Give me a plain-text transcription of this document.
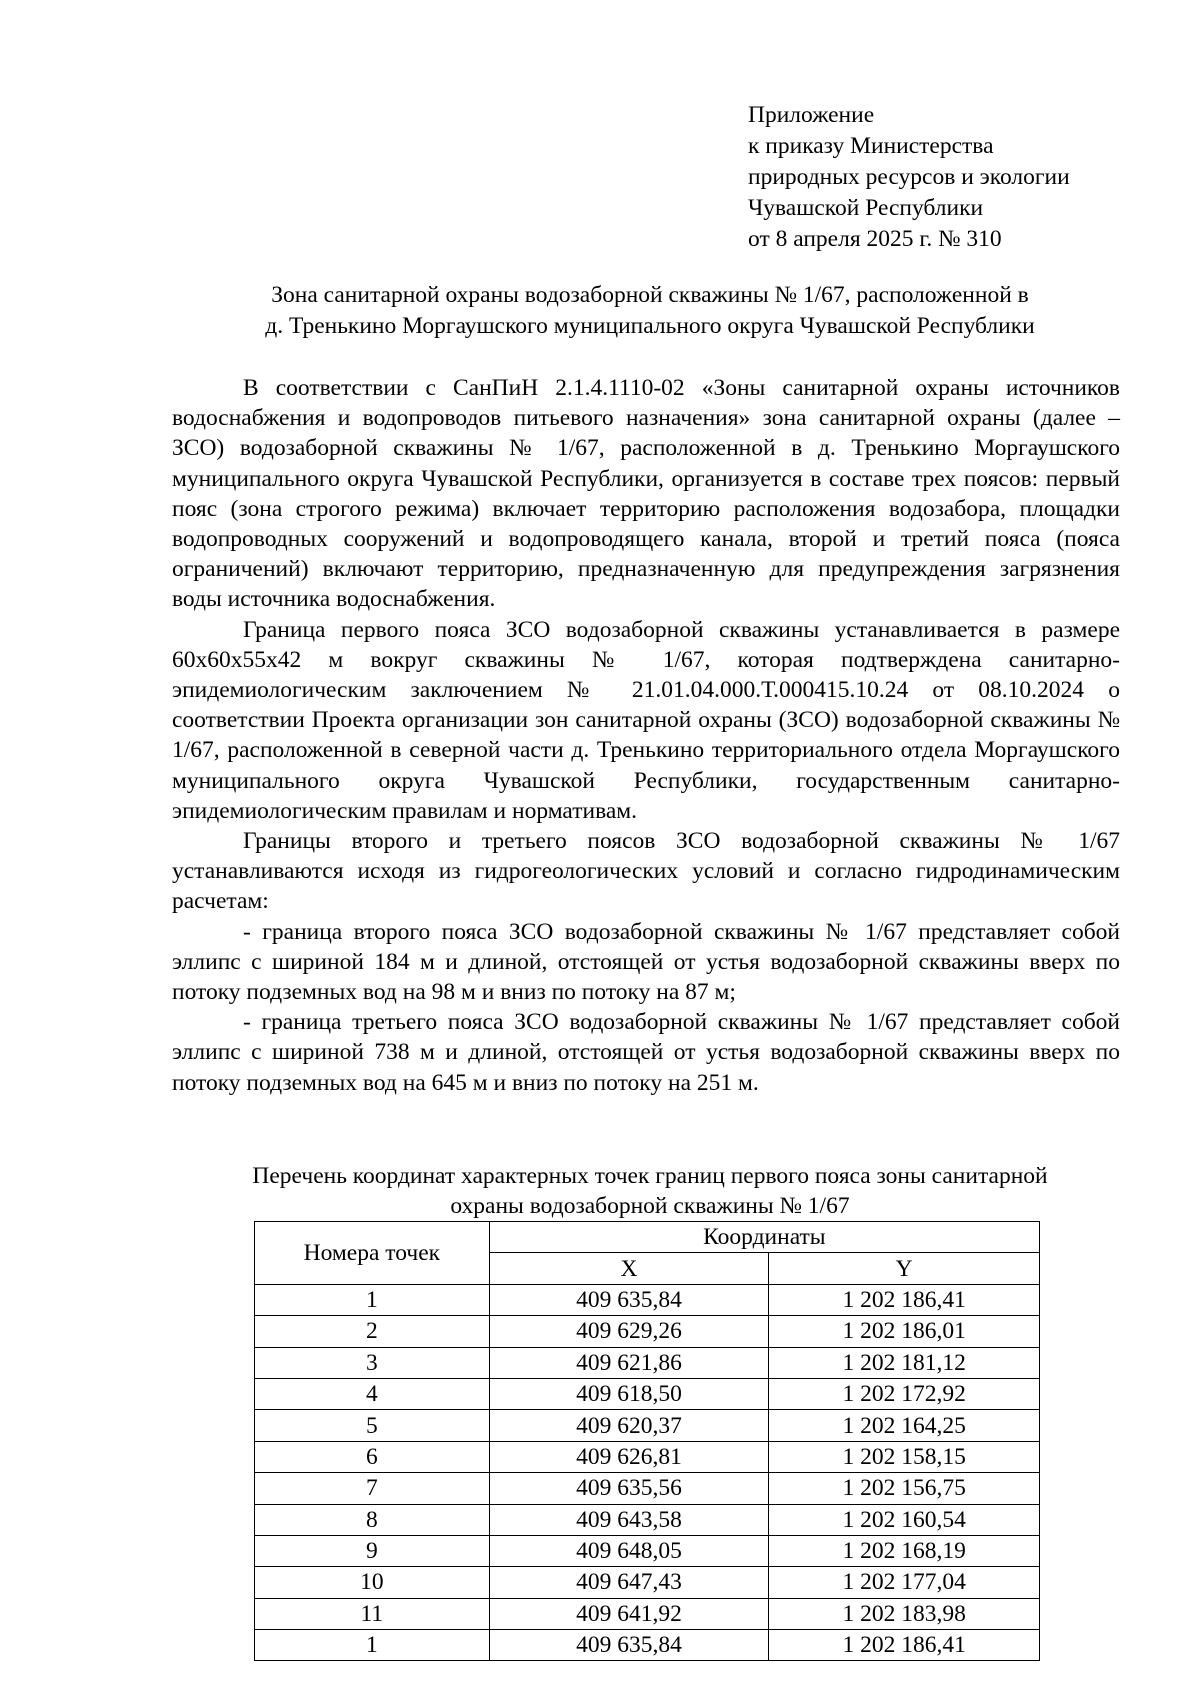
Приложение
к приказу Министерства
природных ресурсов и экологии
Чувашской Республики
от 8 апреля 2025 г. № 310
Зона санитарной охраны водозаборной скважины № 1/67, расположенной в
д. Тренькино Моргаушского муниципального округа Чувашской Республики

В соответствии с СанПиН 2.1.4.1110-02 «Зоны санитарной охраны источников водоснабжения и водопроводов питьевого назначения» зона санитарной охраны (далее – ЗСО) водозаборной скважины № 1/67, расположенной в д. Тренькино Моргаушского муниципального округа Чувашской Республики, организуется в составе трех поясов: первый пояс (зона строгого режима) включает территорию расположения водозабора, площадки водопроводных сооружений и водопроводящего канала, второй и третий пояса (пояса ограничений) включают территорию, предназначенную для предупреждения загрязнения воды источника водоснабжения.

Граница первого пояса ЗСО водозаборной скважины устанавливается в размере 60х60х55х42 м вокруг скважины № 1/67, которая подтверждена санитарно-эпидемиологическим заключением № 21.01.04.000.Т.000415.10.24 от 08.10.2024 о соответствии Проекта организации зон санитарной охраны (ЗСО) водозаборной скважины № 1/67, расположенной в северной части д. Тренькино территориального отдела Моргаушского муниципального округа Чувашской Республики, государственным санитарно-эпидемиологическим правилам и нормативам.

Границы второго и третьего поясов ЗСО водозаборной скважины № 1/67 устанавливаются исходя из гидрогеологических условий и согласно гидродинамическим расчетам:

- граница второго пояса ЗСО водозаборной скважины № 1/67 представляет собой эллипс с шириной 184 м и длиной, отстоящей от устья водозаборной скважины вверх по потоку подземных вод на 98 м и вниз по потоку на 87 м;

- граница третьего пояса ЗСО водозаборной скважины № 1/67 представляет собой эллипс с шириной 738 м и длиной, отстоящей от устья водозаборной скважины вверх по потоку подземных вод на 645 м и вниз по потоку на 251 м.

Перечень координат характерных точек границ первого пояса зоны санитарной
охраны водозаборной скважины № 1/67
Номера точек	Координаты	
	X	Y
1	409 635,84	1 202 186,41
2	409 629,26	1 202 186,01
3	409 621,86	1 202 181,12
4	409 618,50	1 202 172,92
5	409 620,37	1 202 164,25
6	409 626,81	1 202 158,15
7	409 635,56	1 202 156,75
8	409 643,58	1 202 160,54
9	409 648,05	1 202 168,19
10	409 647,43	1 202 177,04
11	409 641,92	1 202 183,98
1	409 635,84	1 202 186,41
